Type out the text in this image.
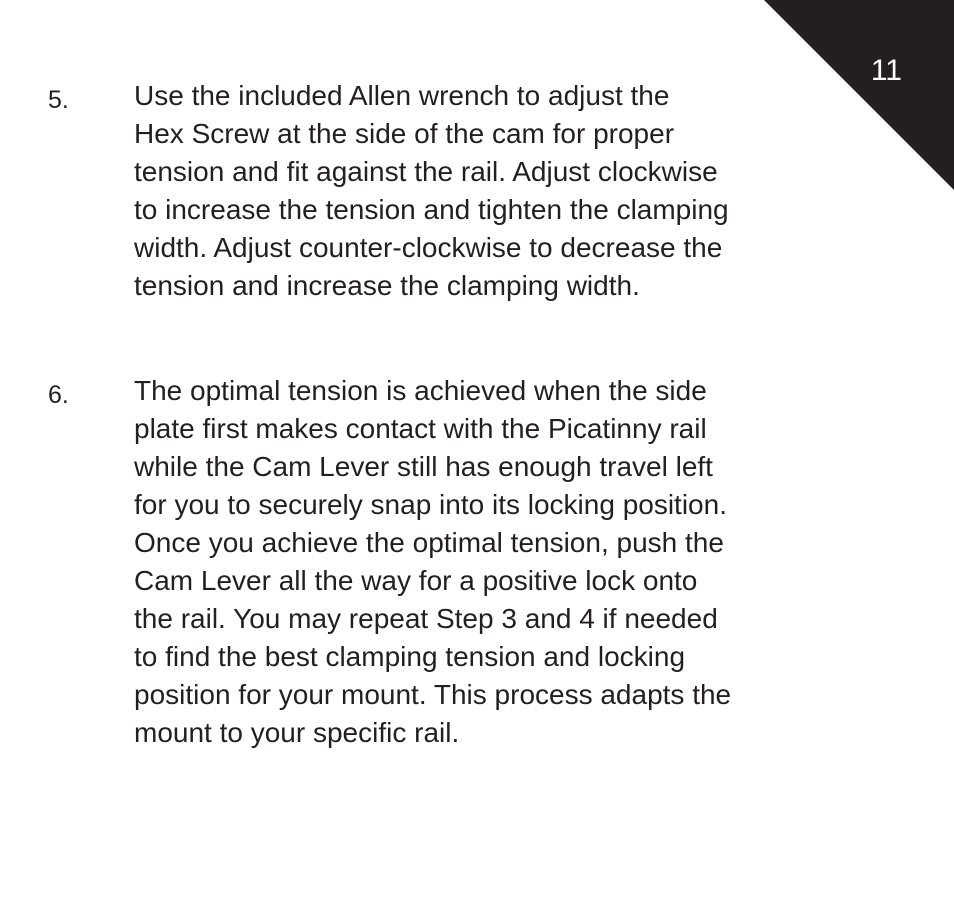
11
5. Use the included Allen wrench to adjust the
Hex Screw at the side of the cam for proper
tension and fit against the rail. Adjust clockwise
to increase the tension and tighten the clamping
width. Adjust counter-clockwise to decrease the
tension and increase the clamping width.
6. The optimal tension is achieved when the side
plate first makes contact with the Picatinny rail
while the Cam Lever still has enough travel left
for you to securely snap into its locking position.
Once you achieve the optimal tension, push the
Cam Lever all the way for a positive lock onto
the rail. You may repeat Step 3 and 4 if needed
to find the best clamping tension and locking
position for your mount. This process adapts the
mount to your specific rail.
